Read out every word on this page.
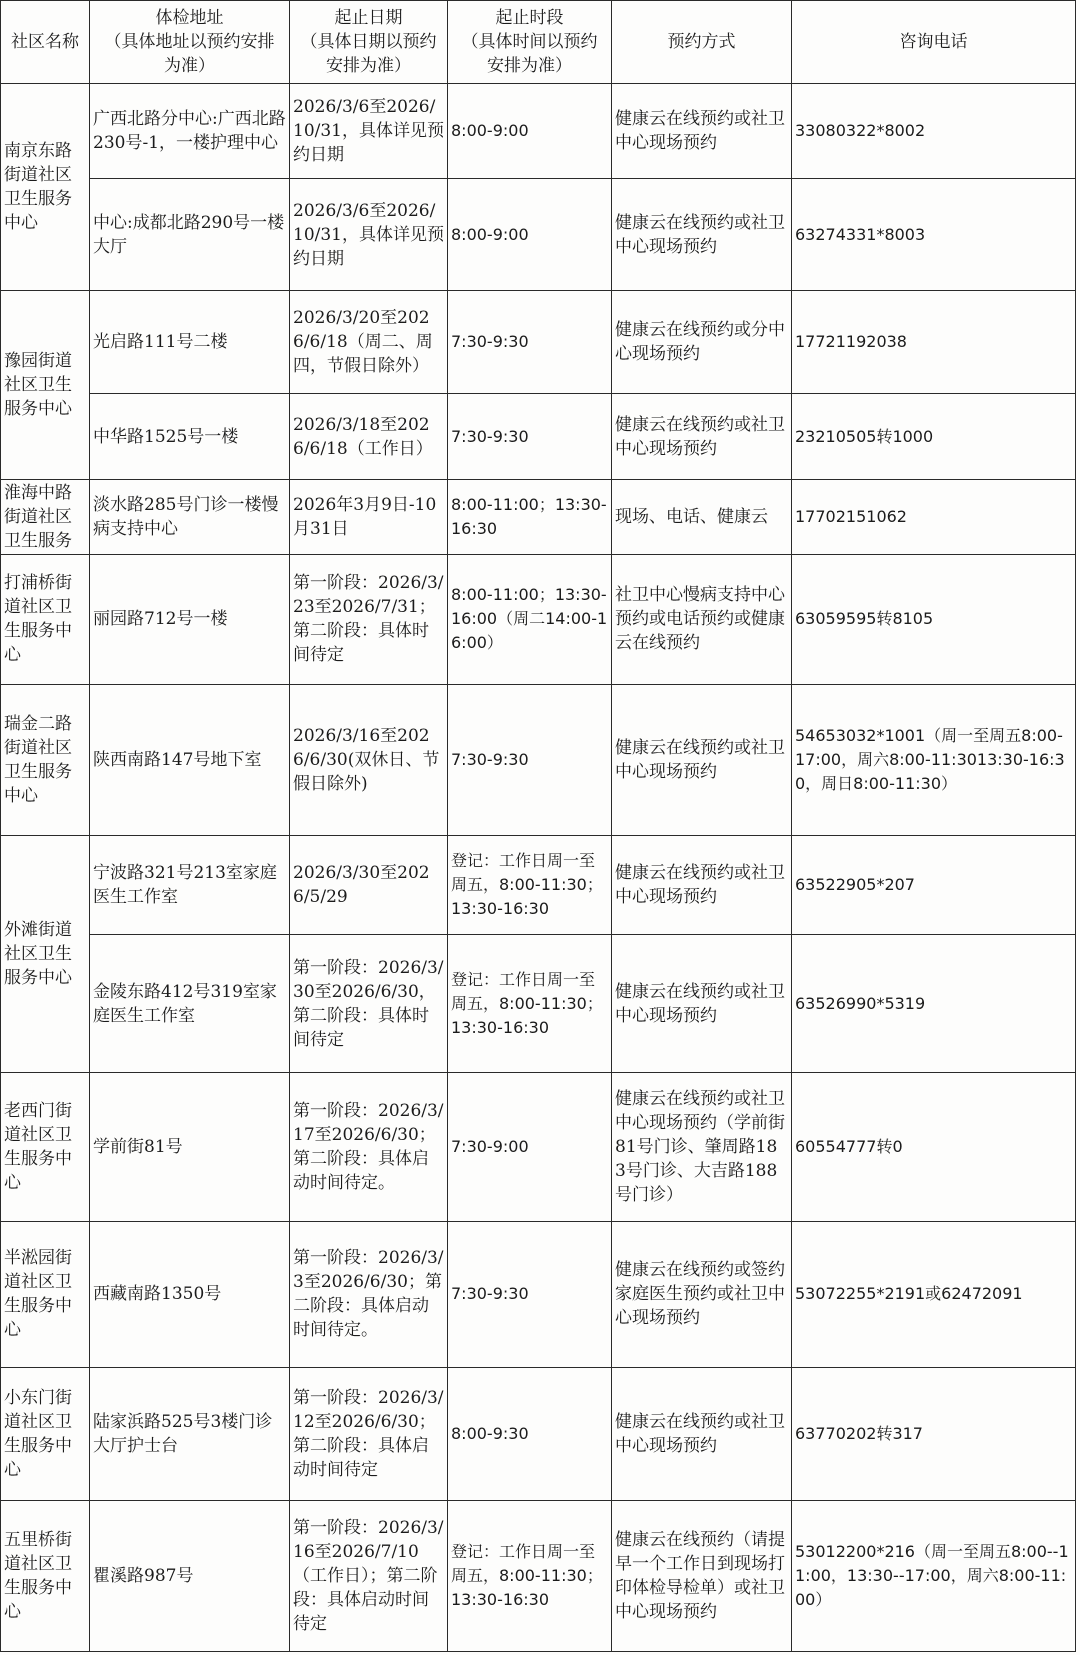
社区名称	体检地址
（具体地址以预约安排
为准）	起止日期
（具体日期以预约
安排为准）	起止时段
（具体时间以预约
安排为准）	预约方式	咨询电话
南京东路街道社区卫生服务中心	广西北路分中心:广西北路230号-1，一楼护理中心	2026/3/6至2026/10/31，具体详见预约日期	8:00-9:00	健康云在线预约或社卫中心现场预约	33080322*8002
	中心:成都北路290号一楼大厅	2026/3/6至2026/10/31，具体详见预约日期	8:00-9:00	健康云在线预约或社卫中心现场预约	63274331*8003
豫园街道社区卫生服务中心	光启路111号二楼	2026/3/20至2026/6/18（周二、周四，节假日除外）	7:30-9:30	健康云在线预约或分中心现场预约	17721192038
	中华路1525号一楼	2026/3/18至2026/6/18（工作日）	7:30-9:30	健康云在线预约或社卫中心现场预约	23210505转1000
淮海中路街道社区卫生服务	淡水路285号门诊一楼慢病支持中心	2026年3月9日-10月31日	8:00-11:00；13:30-16:30	现场、电话、健康云	17702151062
打浦桥街道社区卫生服务中心	丽园路712号一楼	第一阶段：2026/3/23至2026/7/31；第二阶段：具体时间待定	8:00-11:00；13:30-16:00（周二14:00-16:00）	社卫中心慢病支持中心预约或电话预约或健康云在线预约	63059595转8105
瑞金二路街道社区卫生服务中心	陕西南路147号地下室	2026/3/16至2026/6/30(双休日、节假日除外)	7:30-9:30	健康云在线预约或社卫中心现场预约	54653032*1001（周一至周五8:00-17:00，周六8:00-11:3013:30-16:30，周日8:00-11:30）
外滩街道社区卫生服务中心	宁波路321号213室家庭医生工作室	2026/3/30至2026/5/29	登记：工作日周一至周五，8:00-11:30；13:30-16:30	健康云在线预约或社卫中心现场预约	63522905*207
	金陵东路412号319室家庭医生工作室	第一阶段：2026/3/30至2026/6/30，第二阶段：具体时间待定	登记：工作日周一至周五，8:00-11:30；13:30-16:30	健康云在线预约或社卫中心现场预约	63526990*5319
老西门街道社区卫生服务中心	学前街81号	第一阶段：2026/3/17至2026/6/30；第二阶段：具体启动时间待定。	7:30-9:00	健康云在线预约或社卫中心现场预约（学前街81号门诊、肇周路183号门诊、大吉路188号门诊）	60554777转0
半淞园街道社区卫生服务中心	西藏南路1350号	第一阶段：2026/3/3至2026/6/30；第二阶段：具体启动时间待定。	7:30-9:30	健康云在线预约或签约家庭医生预约或社卫中心现场预约	53072255*2191或62472091
小东门街道社区卫生服务中心	陆家浜路525号3楼门诊大厅护士台	第一阶段：2026/3/12至2026/6/30；第二阶段：具体启动时间待定	8:00-9:30	健康云在线预约或社卫中心现场预约	63770202转317
五里桥街道社区卫生服务中心	瞿溪路987号	第一阶段：2026/3/16至2026/7/10（工作日）；第二阶段：具体启动时间待定	登记：工作日周一至周五，8:00-11:30；13:30-16:30	健康云在线预约（请提早一个工作日到现场打印体检导检单）或社卫中心现场预约	53012200*216（周一至周五8:00--11:00，13:30--17:00，周六8:00-11:00）
